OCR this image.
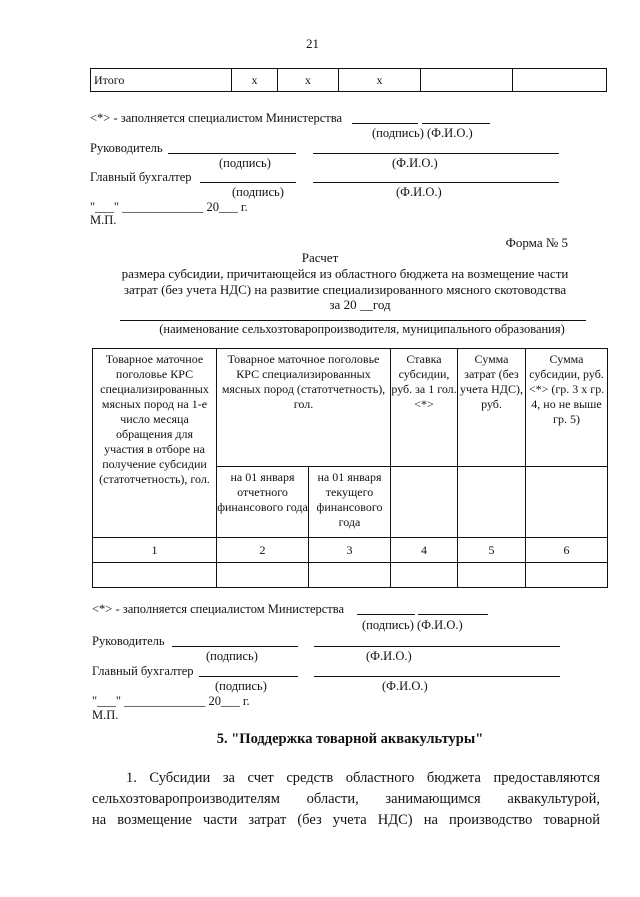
21
Итого	х	х	х		
<*> - заполняется специалистом Министерства
(подпись) (Ф.И.О.)
Руководитель
(подпись)	(Ф.И.О.)
Главный бухгалтер
(подпись)	(Ф.И.О.)
"___" _____________ 20___ г.
М.П.
Форма № 5
Расчет
размера субсидии, причитающейся из областного бюджета на возмещение части
затрат (без учета НДС) на развитие специализированного мясного скотоводства
за 20 __год
(наименование сельхозтоваропроизводителя, муниципального образования)
Товарное маточное поголовье КРС специализированных мясных пород на 1-е число месяца обращения для участия в отборе на получение субсидии (статотчетность), гол.	Товарное маточное поголовье КРС специализированных мясных пород (статотчетность), гол.		Ставка субсидии, руб. за 1 гол. <*>	Сумма затрат (без учета НДС), руб.	Сумма субсидии, руб. <*> (гр. 3 х гр. 4, но не выше гр. 5)
	на 01 января отчетного финансового года	на 01 января текущего финансового года			
1	2	3	4	5	6

<*> - заполняется специалистом Министерства
(подпись) (Ф.И.О.)
Руководитель
(подпись)	(Ф.И.О.)
Главный бухгалтер
(подпись)	(Ф.И.О.)
"___" _____________ 20___ г.
М.П.
5. "Поддержка товарной аквакультуры"
1. Субсидии за счет средств областного бюджета предоставляются
сельхозтоваропроизводителям области, занимающимся аквакультурой,
на возмещение части затрат (без учета НДС) на производство товарной
